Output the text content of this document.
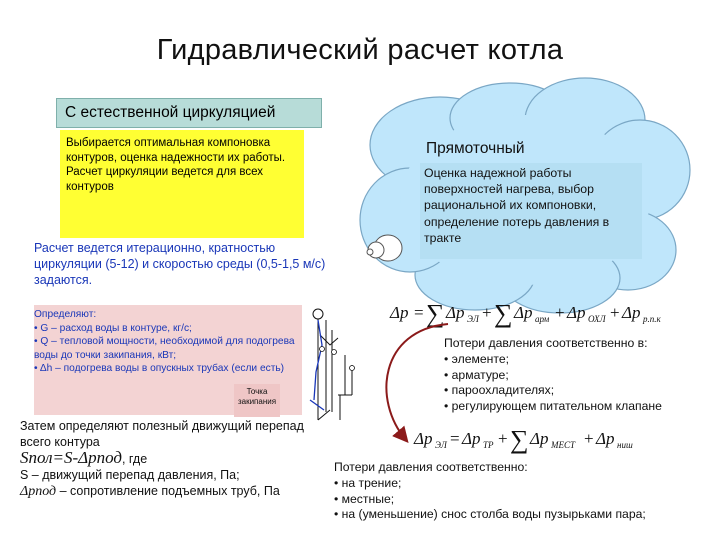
Δp = ∑ Δp ЭЛ + ∑ Δp арм + Δp ОХЛ + Δp р.п.к
Δp ЭЛ = Δp ТР + ∑ Δp МЕСТ + Δp ниш
Гидравлический расчет котла
С естественной циркуляцией
Выбирается оптимальная компоновка контуров, оценка надежности их работы. Расчет циркуляции ведется для всех контуров
Расчет ведется итерационно, кратностью циркуляции (5-12) и скоростью среды (0,5-1,5 м/с) задаются.
Определяют:
• G – расход воды в контуре, кг/с;
• Q – тепловой мощности, необходимой для подогрева воды до точки закипания, кВт;
• Δh – подогрева воды в опускных трубах (если есть)
Точка закипания
Затем определяют полезный движущий перепад всего контура
Sпол=S-Δpпод, где
S – движущий перепад давления, Па;
Δpпод – сопротивление подъемных труб, Па
Прямоточный
Оценка надежной работы поверхностей нагрева, выбор рациональной их компоновки, определение потерь давления в тракте
Потери давления соответственно в:
• элементе;
• арматуре;
• пароохладителях;
• регулирующем питательном клапане
Потери давления соответственно:
• на трение;
• местные;
• на (уменьшение) снос столба воды пузырьками пара;
